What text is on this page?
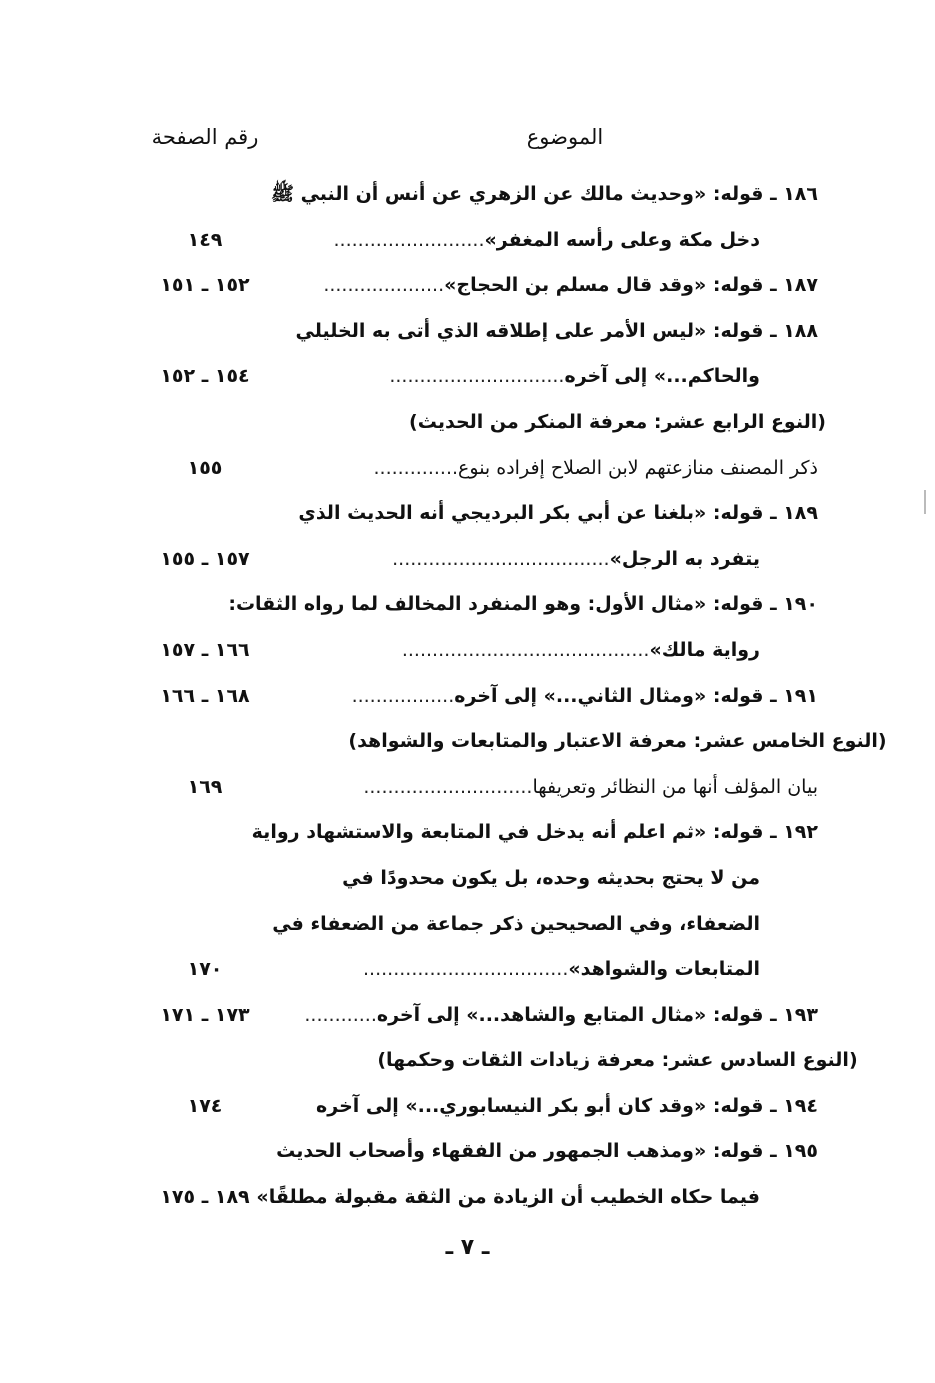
الموضوع
رقم الصفحة
١٨٦ ـ قوله: «وحديث مالك عن الزهري عن أنس أن النبي ﷺ
دخل مكة وعلى رأسه المغفر».........................
١٤٩
١٨٧ ـ قوله: «وقد قال مسلم بن الحجاج»....................
١٥٢ ـ ١٥١
١٨٨ ـ قوله: «ليس الأمر على إطلاقه الذي أتى به الخليلي
والحاكم...» إلى آخره.............................
١٥٤ ـ ١٥٢
(النوع الرابع عشر: معرفة المنكر من الحديث)
ذكر المصنف منازعتهم لابن الصلاح إفراده بنوع..............
١٥٥
١٨٩ ـ قوله: «بلغنا عن أبي بكر البرديجي أنه الحديث الذي
يتفرد به الرجل»....................................
١٥٧ ـ ١٥٥
١٩٠ ـ قوله: «مثال الأول: وهو المنفرد المخالف لما رواه الثقات:
رواية مالك».........................................
١٦٦ ـ ١٥٧
١٩١ ـ قوله: «ومثال الثاني...» إلى آخره.................
١٦٨ ـ ١٦٦
(النوع الخامس عشر: معرفة الاعتبار والمتابعات والشواهد)
بيان المؤلف أنها من النظائر وتعريفها............................
١٦٩
١٩٢ ـ قوله: «ثم اعلم أنه يدخل في المتابعة والاستشهاد رواية
من لا يحتج بحديثه وحده، بل يكون محدودًا في
الضعفاء، وفي الصحيحين ذكر جماعة من الضعفاء في
المتابعات والشواهد»..................................
١٧٠
١٩٣ ـ قوله: «مثال المتابع والشاهد...» إلى آخره............
١٧٣ ـ ١٧١
(النوع السادس عشر: معرفة زيادات الثقات وحكمها)
١٩٤ ـ قوله: «وقد كان أبو بكر النيسابوري...» إلى آخره
١٧٤
١٩٥ ـ قوله: «ومذهب الجمهور من الفقهاء وأصحاب الحديث
فيما حكاه الخطيب أن الزيادة من الثقة مقبولة مطلقًا»
١٨٩ ـ ١٧٥
ـ ٧ ـ
